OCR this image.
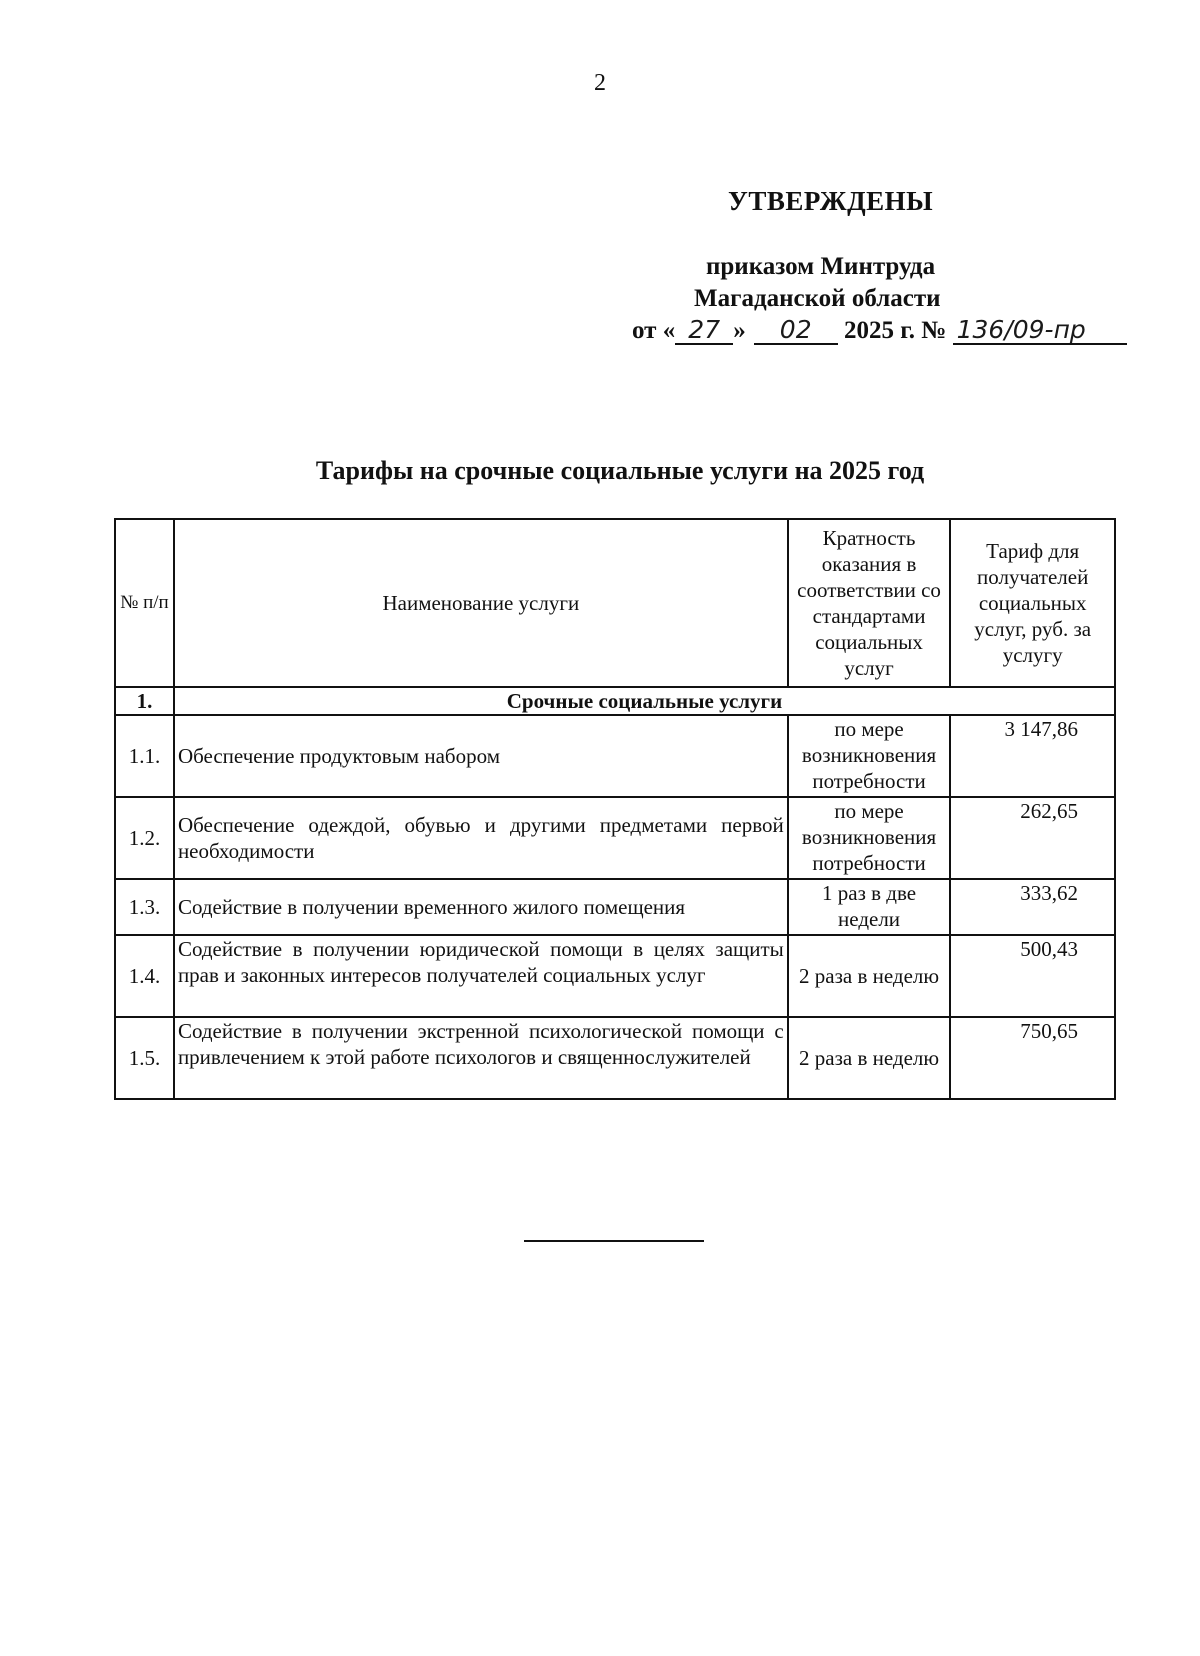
2
УТВЕРЖДЕНЫ
приказом Минтруда
Магаданской области
от « 27 » 02 2025 г. № 136/09-пр
Тарифы на срочные социальные услуги на 2025 год
№ п/п	Наименование услуги	Кратность оказания в соответствии со стандартами социальных услуг	Тариф для получателей социальных услуг, руб. за услугу
1.	Срочные социальные услуги		
1.1.	Обеспечение продуктовым набором	по мере возникновения потребности	3 147,86
1.2.	Обеспечение одеждой, обувью и другими предметами первой необходимости	по мере возникновения потребности	262,65
1.3.	Содействие в получении временного жилого помещения	1 раз в две недели	333,62
1.4.	Содействие в получении юридической помощи в целях защиты прав и законных интересов получателей социальных услуг	2 раза в неделю	500,43
1.5.	Содействие в получении экстренной психологической помощи с привлечением к этой работе психологов и священнослужителей	2 раза в неделю	750,65
